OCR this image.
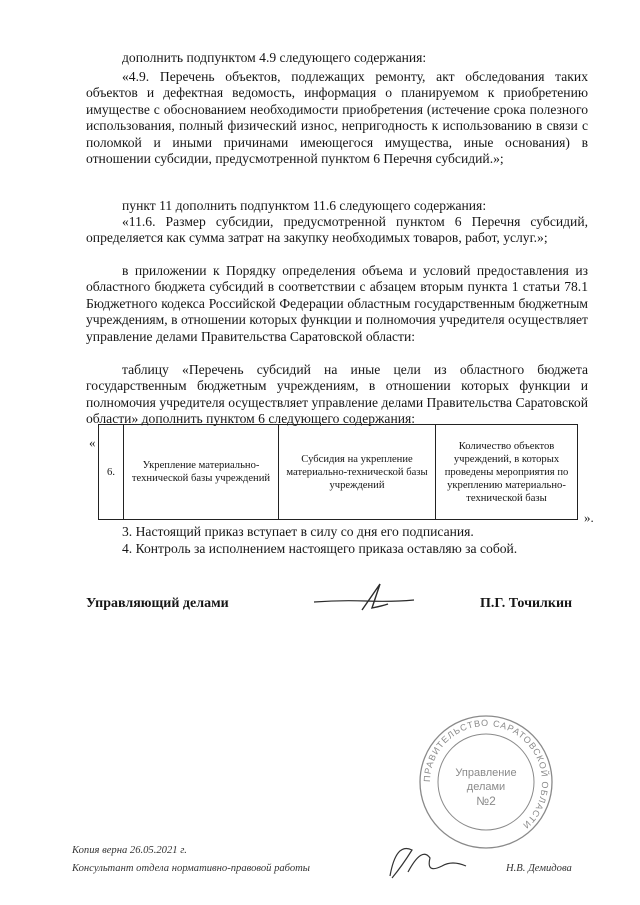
дополнить подпунктом 4.9 следующего содержания:

«4.9. Перечень объектов, подлежащих ремонту, акт обследования таких объектов и дефектная ведомость, информация о планируемом к приобретению имуществе с обоснованием необходимости приобретения (истечение срока полезного использования, полный физический износ, непригодность к использованию в связи с поломкой и иными причинами имеющегося имущества, иные основания) в отношении субсидии, предусмотренной пунктом 6 Перечня субсидий.»;

пункт 11 дополнить подпунктом 11.6 следующего содержания:

«11.6. Размер субсидии, предусмотренной пунктом 6 Перечня субсидий, определяется как сумма затрат на закупку необходимых товаров, работ, услуг.»;

в приложении к Порядку определения объема и условий предоставления из областного бюджета субсидий в соответствии с абзацем вторым пункта 1 статьи 78.1 Бюджетного кодекса Российской Федерации областным государственным бюджетным учреждениям, в отношении которых функции и полномочия учредителя осуществляет управление делами Правительства Саратовской области:

таблицу «Перечень субсидий на иные цели из областного бюджета государственным бюджетным учреждениям, в отношении которых функции и полномочия учредителя осуществляет управление делами Правительства Саратовской области» дополнить пунктом 6 следующего содержания:

«
6.	Укрепление материально-технической базы учреждений	Субсидия на укрепление материально-технической базы учреждений	Количество объектов учреждений, в которых проведены мероприятия по укреплению материально-технической базы
».

3. Настоящий приказ вступает в силу со дня его подписания.

4. Контроль за исполнением настоящего приказа оставляю за собой.

Управляющий делами	П.Г. Точилкин
ПРАВИТЕЛЬСТВО САРАТОВСКОЙ ОБЛАСТИ
Управление
делами
№2
Копия верна 26.05.2021 г.
Консультант отдела нормативно-правовой работы	Н.В. Демидова
